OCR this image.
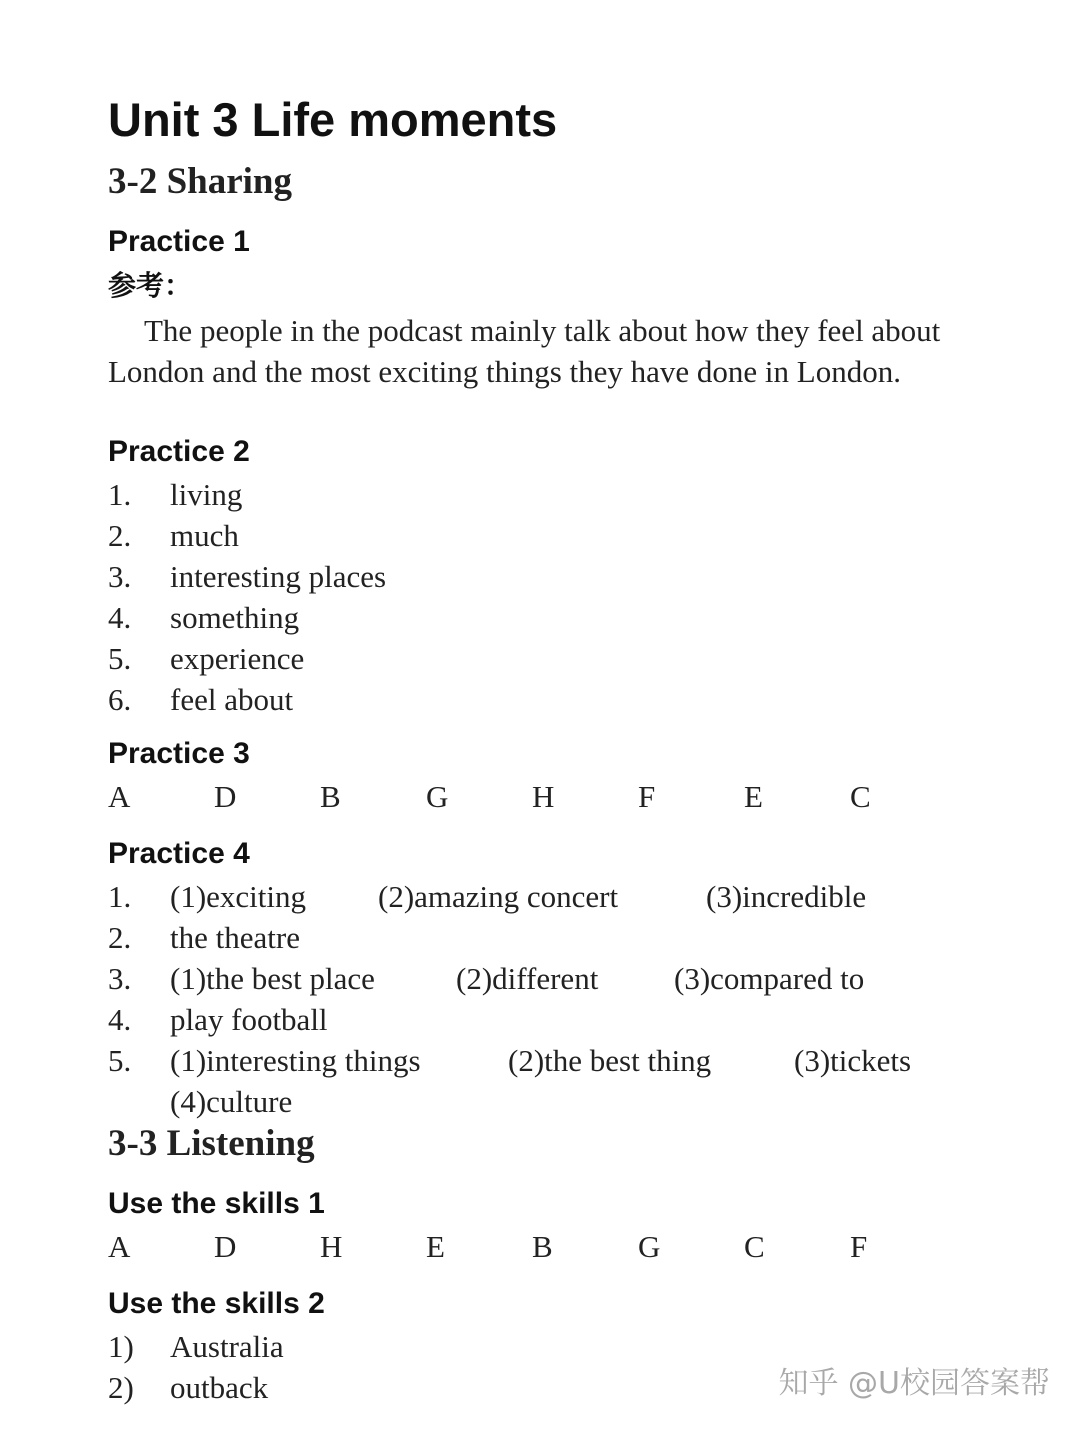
Unit 3 Life moments
3-2 Sharing
Practice 1
参考：
The people in the podcast mainly talk about how they feel about London and the most exciting things they have done in London.
Practice 2
1. living
2. much
3. interesting places
4. something
5. experience
6. feel about
Practice 3
A	D	B	G	H	F	E	C
Practice 4
1. (1)exciting (2)amazing concert	(3)incredible
2. the theatre
3. (1)the best place	(2)different (3)compared to
4. play football
5. (1)interesting things	(2)the best thing	(3)tickets
(4)culture
3-3 Listening
Use the skills 1
A	D	H	E	B	G	C	F
Use the skills 2
1) Australia
2) outback	知乎 @U校园答案帮
